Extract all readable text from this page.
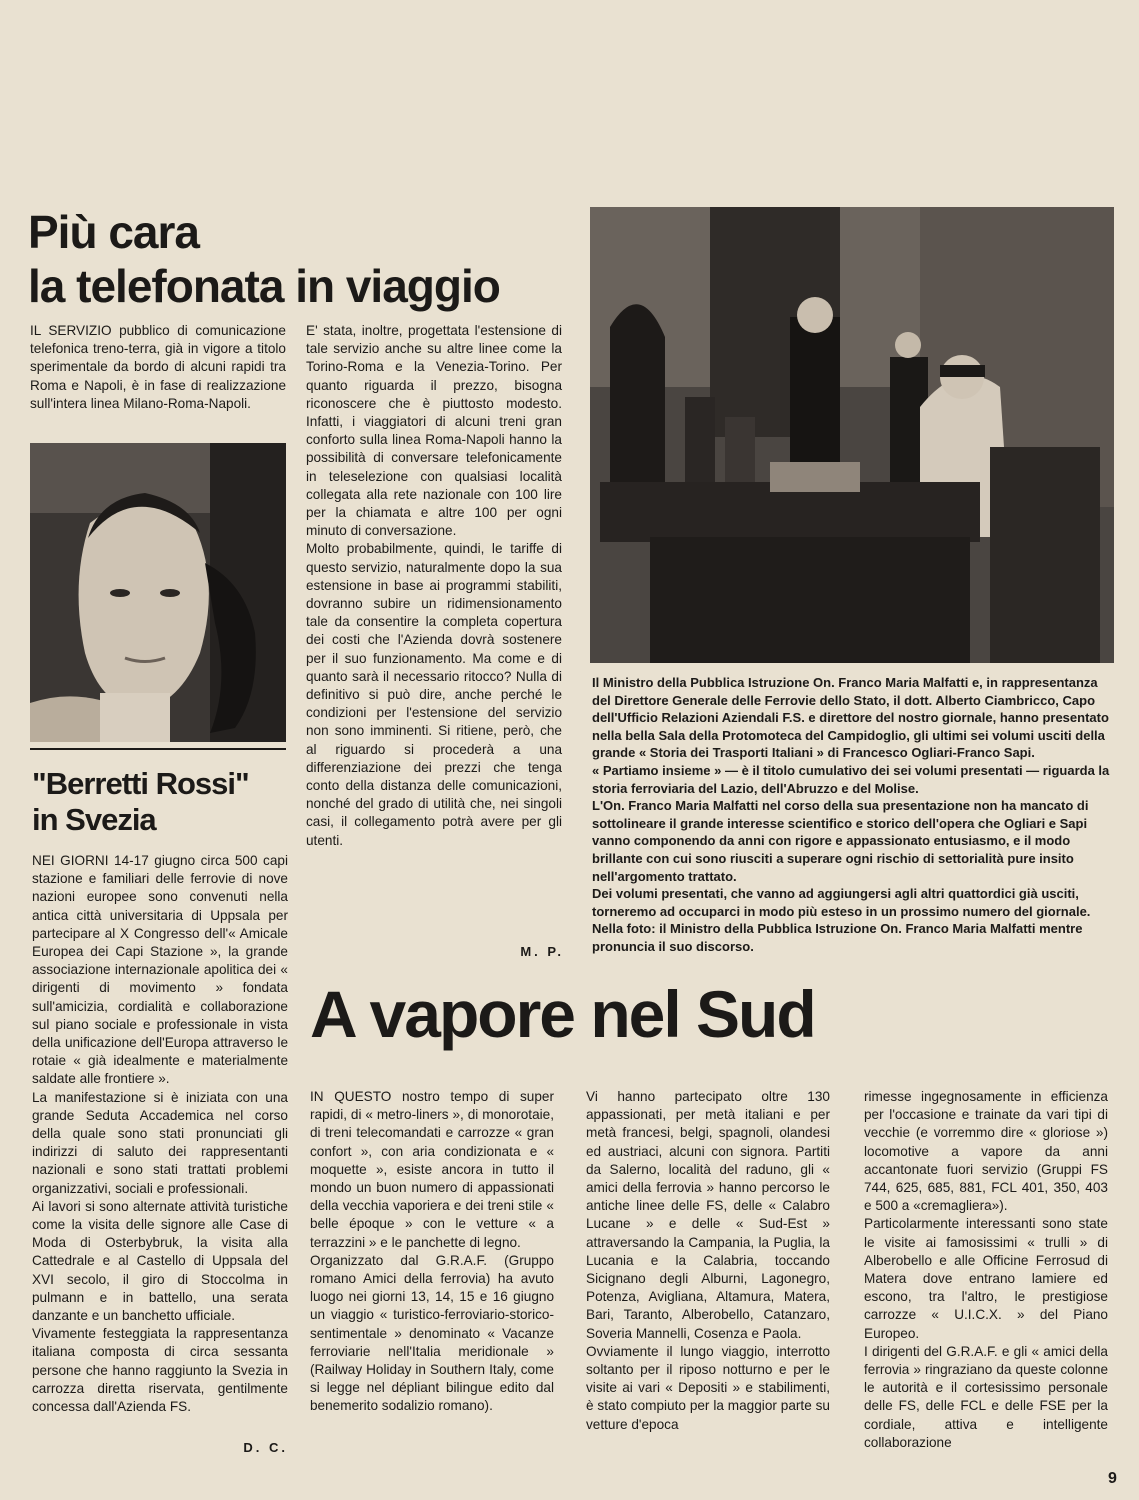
Più cara
la telefonata in viaggio
IL SERVIZIO pubblico di comunicazione telefonica treno-terra, già in vigore a titolo sperimentale da bordo di alcuni rapidi tra Roma e Napoli, è in fase di realizzazione sull'intera linea Milano-Roma-Napoli.

E' stata, inoltre, progettata l'estensione di tale servizio anche su altre linee come la Torino-Roma e la Venezia-Torino. Per quanto riguarda il prezzo, bisogna riconoscere che è piuttosto modesto. Infatti, i viaggiatori di alcuni treni gran conforto sulla linea Roma-Napoli hanno la possibilità di conversare telefonicamente in teleselezione con qualsiasi località collegata alla rete nazionale con 100 lire per la chiamata e altre 100 per ogni minuto di conversazione.

Molto probabilmente, quindi, le tariffe di questo servizio, naturalmente dopo la sua estensione in base ai programmi stabiliti, dovranno subire un ridimensionamento tale da consentire la completa copertura dei costi che l'Azienda dovrà sostenere per il suo funzionamento. Ma come e di quanto sarà il necessario ritocco? Nulla di definitivo si può dire, anche perché le condizioni per l'estensione del servizio non sono imminenti. Si ritiene, però, che al riguardo si procederà a una differenziazione dei prezzi che tenga conto della distanza delle comunicazioni, nonché del grado di utilità che, nei singoli casi, il collegamento potrà avere per gli utenti.

M. P.

Il Ministro della Pubblica Istruzione On. Franco Maria Malfatti e, in rappresentanza del Direttore Generale delle Ferrovie dello Stato, il dott. Alberto Ciambricco, Capo dell'Ufficio Relazioni Aziendali F.S. e direttore del nostro giornale, hanno presentato nella bella Sala della Protomoteca del Campidoglio, gli ultimi sei volumi usciti della grande « Storia dei Trasporti Italiani » di Francesco Ogliari-Franco Sapi.

« Partiamo insieme » — è il titolo cumulativo dei sei volumi presentati — riguarda la storia ferroviaria del Lazio, dell'Abruzzo e del Molise.

L'On. Franco Maria Malfatti nel corso della sua presentazione non ha mancato di sottolineare il grande interesse scientifico e storico dell'opera che Ogliari e Sapi vanno componendo da anni con rigore e appassionato entusiasmo, e il modo brillante con cui sono riusciti a superare ogni rischio di settorialità pure insito nell'argomento trattato.

Dei volumi presentati, che vanno ad aggiungersi agli altri quattordici già usciti, torneremo ad occuparci in modo più esteso in un prossimo numero del giornale.

Nella foto: il Ministro della Pubblica Istruzione On. Franco Maria Malfatti mentre pronuncia il suo discorso.

"Berretti Rossi"
in Svezia

NEI GIORNI 14-17 giugno circa 500 capi stazione e familiari delle ferrovie di nove nazioni europee sono convenuti nella antica città universitaria di Uppsala per partecipare al X Congresso dell'« Amicale Europea dei Capi Stazione », la grande associazione internazionale apolitica dei « dirigenti di movimento » fondata sull'amicizia, cordialità e collaborazione sul piano sociale e professionale in vista della unificazione dell'Europa attraverso le rotaie « già idealmente e materialmente saldate alle frontiere ».

La manifestazione si è iniziata con una grande Seduta Accademica nel corso della quale sono stati pronunciati gli indirizzi di saluto dei rappresentanti nazionali e sono stati trattati problemi organizzativi, sociali e professionali.

Ai lavori si sono alternate attività turistiche come la visita delle signore alle Case di Moda di Osterbybruk, la visita alla Cattedrale e al Castello di Uppsala del XVI secolo, il giro di Stoccolma in pulmann e in battello, una serata danzante e un banchetto ufficiale.

Vivamente festeggiata la rappresentanza italiana composta di circa sessanta persone che hanno raggiunto la Svezia in carrozza diretta riservata, gentilmente concessa dall'Azienda FS.

D. C.
A vapore nel Sud

IN QUESTO nostro tempo di super rapidi, di « metro-liners », di monorotaie, di treni telecomandati e carrozze « gran confort », con aria condizionata e « moquette », esiste ancora in tutto il mondo un buon numero di appassionati della vecchia vaporiera e dei treni stile « belle époque » con le vetture « a terrazzini » e le panchette di legno.

Organizzato dal G.R.A.F. (Gruppo romano Amici della ferrovia) ha avuto luogo nei giorni 13, 14, 15 e 16 giugno un viaggio « turistico-ferroviario-storico-sentimentale » denominato « Vacanze ferroviarie nell'Italia meridionale » (Railway Holiday in Southern Italy, come si legge nel dépliant bilingue edito dal benemerito sodalizio romano).

Vi hanno partecipato oltre 130 appassionati, per metà italiani e per metà francesi, belgi, spagnoli, olandesi ed austriaci, alcuni con signora. Partiti da Salerno, località del raduno, gli « amici della ferrovia » hanno percorso le antiche linee delle FS, delle « Calabro Lucane » e delle « Sud-Est » attraversando la Campania, la Puglia, la Lucania e la Calabria, toccando Sicignano degli Alburni, Lagonegro, Potenza, Avigliana, Altamura, Matera, Bari, Taranto, Alberobello, Catanzaro, Soveria Mannelli, Cosenza e Paola.

Ovviamente il lungo viaggio, interrotto soltanto per il riposo notturno e per le visite ai vari « Depositi » e stabilimenti, è stato compiuto per la maggior parte su vetture d'epoca

rimesse ingegnosamente in efficienza per l'occasione e trainate da vari tipi di vecchie (e vorremmo dire « gloriose ») locomotive a vapore da anni accantonate fuori servizio (Gruppi FS 744, 625, 685, 881, FCL 401, 350, 403 e 500 a «cremagliera»).

Particolarmente interessanti sono state le visite ai famosissimi « trulli » di Alberobello e alle Officine Ferrosud di Matera dove entrano lamiere ed escono, tra l'altro, le prestigiose carrozze « U.I.C.X. » del Piano Europeo.

I dirigenti del G.R.A.F. e gli « amici della ferrovia » ringraziano da queste colonne le autorità e il cortesissimo personale delle FS, delle FCL e delle FSE per la cordiale, attiva e intelligente collaborazione

9
